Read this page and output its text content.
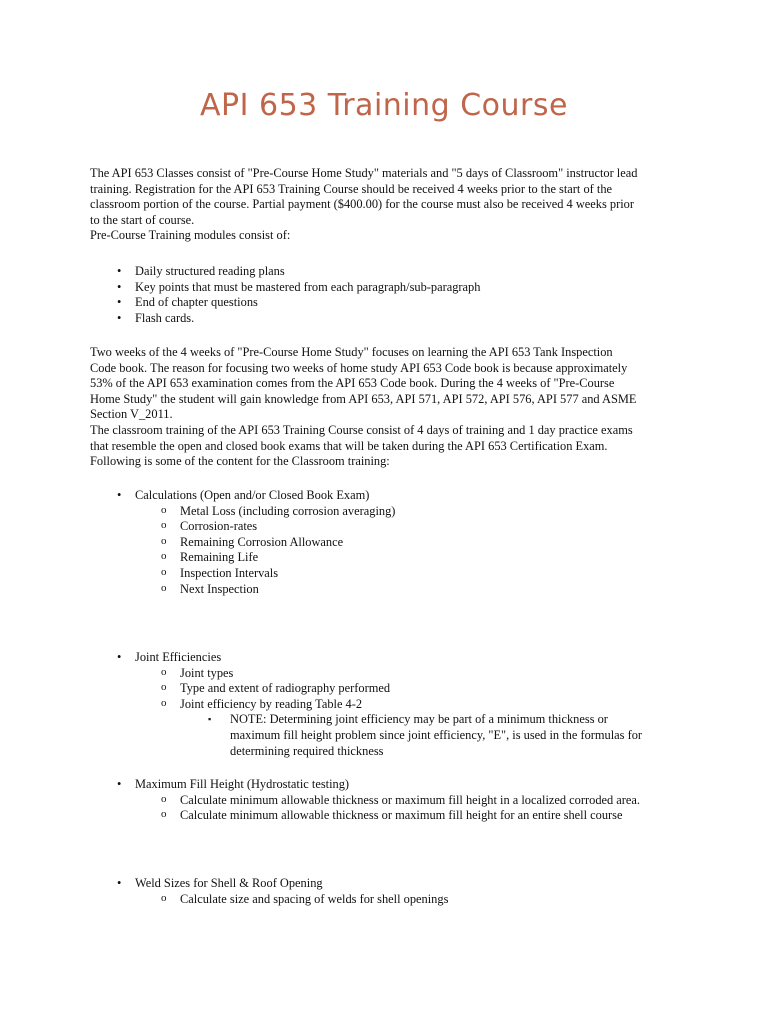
API 653 Training Course

The API 653 Classes consist of "Pre-Course Home Study" materials and "5 days of Classroom" instructor lead

training. Registration for the API 653 Training Course should be received 4 weeks prior to the start of the

classroom portion of the course. Partial payment ($400.00) for the course must also be received 4 weeks prior

to the start of course.

Pre-Course Training modules consist of:

• Daily structured reading plans
• Key points that must be mastered from each paragraph/sub-paragraph
• End of chapter questions
• Flash cards.

Two weeks of the 4 weeks of "Pre-Course Home Study" focuses on learning the API 653 Tank Inspection

Code book. The reason for focusing two weeks of home study API 653 Code book is because approximately

53% of the API 653 examination comes from the API 653 Code book. During the 4 weeks of "Pre-Course

Home Study" the student will gain knowledge from API 653, API 571, API 572, API 576, API 577 and ASME

Section V_2011.

The classroom training of the API 653 Training Course consist of 4 days of training and 1 day practice exams

that resemble the open and closed book exams that will be taken during the API 653 Certification Exam.

Following is some of the content for the Classroom training:

• Calculations (Open and/or Closed Book Exam)
o Metal Loss (including corrosion averaging)
o Corrosion-rates
o Remaining Corrosion Allowance
o Remaining Life
o Inspection Intervals
o Next Inspection
• Joint Efficiencies
o Joint types
o Type and extent of radiography performed
o Joint efficiency by reading Table 4-2
▪ NOTE: Determining joint efficiency may be part of a minimum thickness or
maximum fill height problem since joint efficiency, "E", is used in the formulas for
determining required thickness
• Maximum Fill Height (Hydrostatic testing)
o Calculate minimum allowable thickness or maximum fill height in a localized corroded area.
o Calculate minimum allowable thickness or maximum fill height for an entire shell course
• Weld Sizes for Shell & Roof Opening
o Calculate size and spacing of welds for shell openings
